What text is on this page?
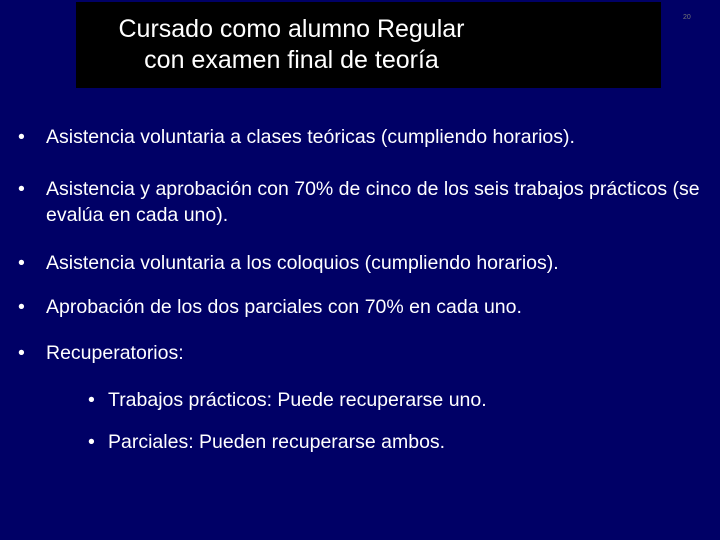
Cursado como alumno Regular
con examen final de teoría
20
•	Asistencia voluntaria a clases teóricas (cumpliendo horarios).
•	Asistencia y aprobación con 70% de cinco de los seis trabajos prácticos (se evalúa en cada uno).
•	Asistencia voluntaria a los coloquios (cumpliendo horarios).
•	Aprobación de los dos parciales con 70% en cada uno.
•	Recuperatorios:
• Trabajos prácticos: Puede recuperarse uno.
• Parciales: Pueden recuperarse ambos.
